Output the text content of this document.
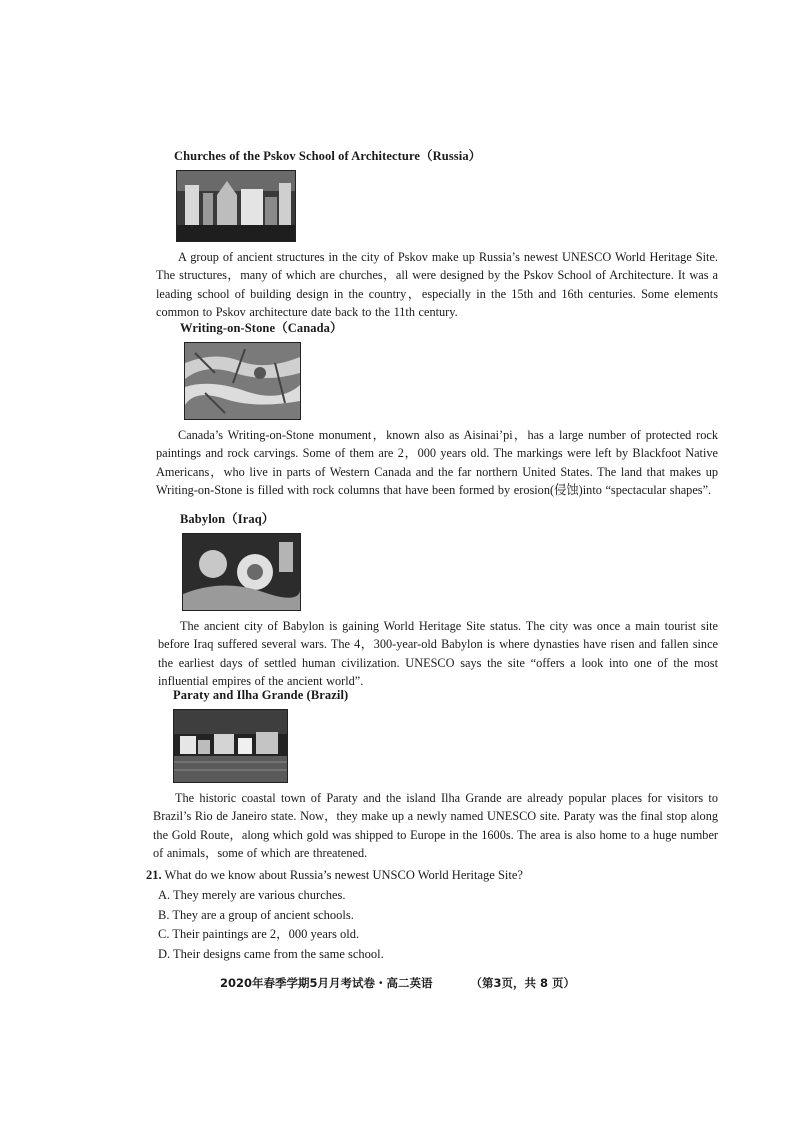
Churches of the Pskov School of Architecture（Russia）

A group of ancient structures in the city of Pskov make up Russia’s newest UNESCO World Heritage Site. The structures，many of which are churches，all were designed by the Pskov School of Architecture. It was a leading school of building design in the country，especially in the 15th and 16th centuries. Some elements common to Pskov architecture date back to the 11th century.

Writing-on-Stone（Canada）

Canada’s Writing-on-Stone monument，known also as Aisinai’pi，has a large number of protected rock paintings and rock carvings. Some of them are 2，000 years old. The markings were left by Blackfoot Native Americans，who live in parts of Western Canada and the far northern United States. The land that makes up Writing-on-Stone is filled with rock columns that have been formed by erosion(侵蚀)into “spectacular shapes”.

Babylon（Iraq）

The ancient city of Babylon is gaining World Heritage Site status. The city was once a main tourist site before Iraq suffered several wars. The 4，300-year-old Babylon is where dynasties have risen and fallen since the earliest days of settled human civilization. UNESCO says the site “offers a look into one of the most influential empires of the ancient world”.

Paraty and Ilha Grande (Brazil)

The historic coastal town of Paraty and the island Ilha Grande are already popular places for visitors to Brazil’s Rio de Janeiro state. Now，they make up a newly named UNESCO site. Paraty was the final stop along the Gold Route，along which gold was shipped to Europe in the 1600s. The area is also home to a huge number of animals，some of which are threatened.

21. What do we know about Russia’s newest UNSCO World Heritage Site?
A. They merely are various churches.
B. They are a group of ancient schools.
C. Their paintings are 2，000 years old.
D. Their designs came from the same school.
2020年春季学期5月月考试卷・高二英语	（第3页，共 8 页）
